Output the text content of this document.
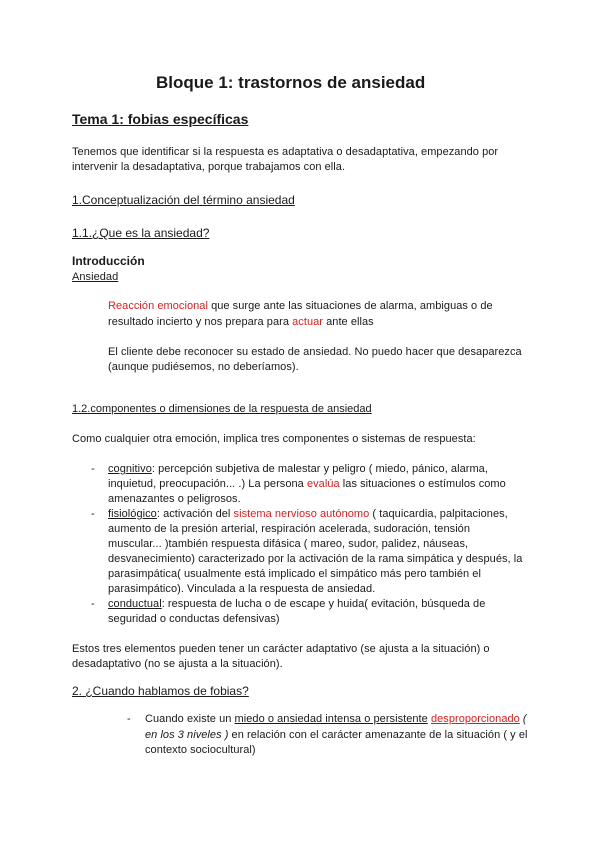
Bloque 1: trastornos de ansiedad
Tema 1: fobias específicas
Tenemos que identificar si la respuesta es adaptativa o desadaptativa, empezando por
intervenir la desadaptativa, porque trabajamos con ella.
1.Conceptualización del término ansiedad
1.1.¿Que es la ansiedad?
Introducción
Ansiedad
Reacción emocional que surge ante las situaciones de alarma, ambiguas o de
resultado incierto y nos prepara para actuar ante ellas
El cliente debe reconocer su estado de ansiedad. No puedo hacer que desaparezca
(aunque pudiésemos, no deberíamos).
1.2.componentes o dimensiones de la respuesta de ansiedad
Como cualquier otra emoción, implica tres componentes o sistemas de respuesta:
- cognitivo: percepción subjetiva de malestar y peligro ( miedo, pánico, alarma,
inquietud, preocupación... .) La persona evalúa las situaciones o estímulos como
amenazantes o peligrosos.
- fisiológico: activación del sistema nervioso autónomo ( taquicardia, palpitaciones,
aumento de la presión arterial, respiración acelerada, sudoración, tensión
muscular... )también respuesta difásica ( mareo, sudor, palidez, náuseas,
desvanecimiento) caracterizado por la activación de la rama simpática y después, la
parasimpática( usualmente está implicado el simpático más pero también el
parasimpático). Vinculada a la respuesta de ansiedad.
- conductual: respuesta de lucha o de escape y huida( evitación, búsqueda de
seguridad o conductas defensivas)
Estos tres elementos pueden tener un carácter adaptativo (se ajusta a la situación) o
desadaptativo (no se ajusta a la situación).
2. ¿Cuando hablamos de fobias?
- Cuando existe un miedo o ansiedad intensa o persistente desproporcionado (
en los 3 niveles ) en relación con el carácter amenazante de la situación ( y el
contexto sociocultural)
